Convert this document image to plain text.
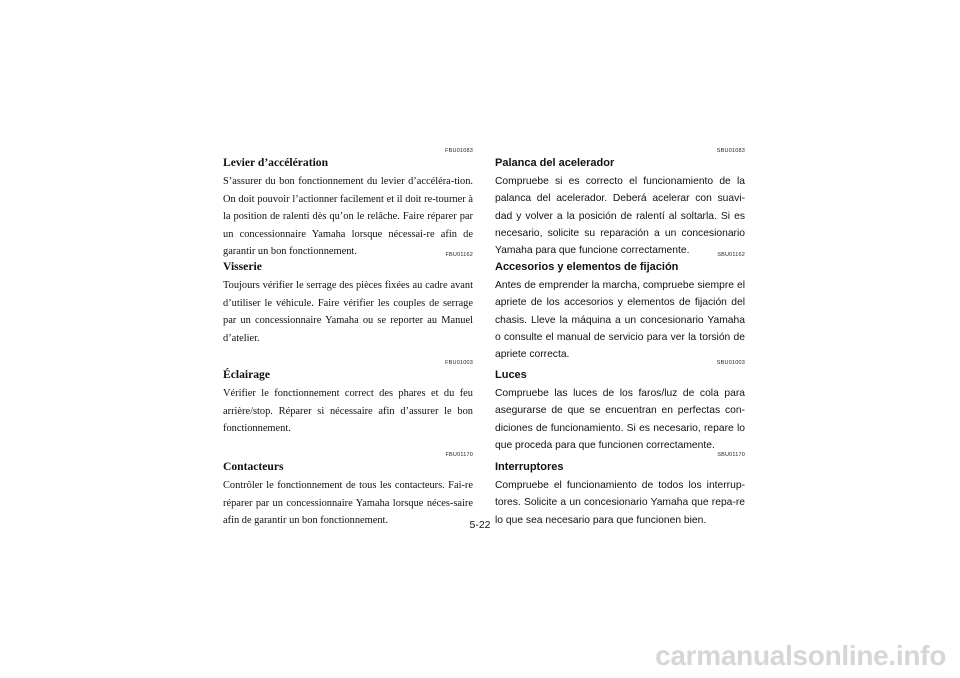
FBU01083
Levier d’accélération

S’assurer du bon fonctionnement du levier d’accéléra-tion. On doit pouvoir l’actionner facilement et il doit re-tourner à la position de ralenti dès qu’on le relâche. Faire réparer par un concessionnaire Yamaha lorsque nécessai-re afin de garantir un bon fonctionnement.	FBU01162
Visserie

Toujours vérifier le serrage des pièces fixées au cadre avant d’utiliser le véhicule. Faire vérifier les couples de serrage par un concessionnaire Yamaha ou se reporter au Manuel d’atelier.

FBU01003
Éclairage

Vérifier le fonctionnement correct des phares et du feu arrière/stop. Réparer si nécessaire afin d’assurer le bon fonctionnement.

FBU01170
Contacteurs

Contrôler le fonctionnement de tous les contacteurs. Fai-re réparer par un concessionnaire Yamaha lorsque néces-saire afin de garantir un bon fonctionnement.

SBU01083
Palanca del acelerador

Compruebe si es correcto el funcionamiento de la palanca del acelerador. Deberá acelerar con suavi-dad y volver a la posición de ralentí al soltarla. Si es necesario, solicite su reparación a un concesionario Yamaha para que funcione correctamente.	SBU01162
Accesorios y elementos de fijación

Antes de emprender la marcha, compruebe siempre el apriete de los accesorios y elementos de fijación del chasis. Lleve la máquina a un concesionario Yamaha o consulte el manual de servicio para ver la torsión de apriete correcta.

SBU01003
Luces

Compruebe las luces de los faros/luz de cola para asegurarse de que se encuentran en perfectas con-diciones de funcionamiento. Si es necesario, repare lo que proceda para que funcionen correctamente.

SBU01170
Interruptores

Compruebe el funcionamiento de todos los interrup-tores. Solicite a un concesionario Yamaha que repa-re lo que sea necesario para que funcionen bien.

5-22
carmanualsonline.info
